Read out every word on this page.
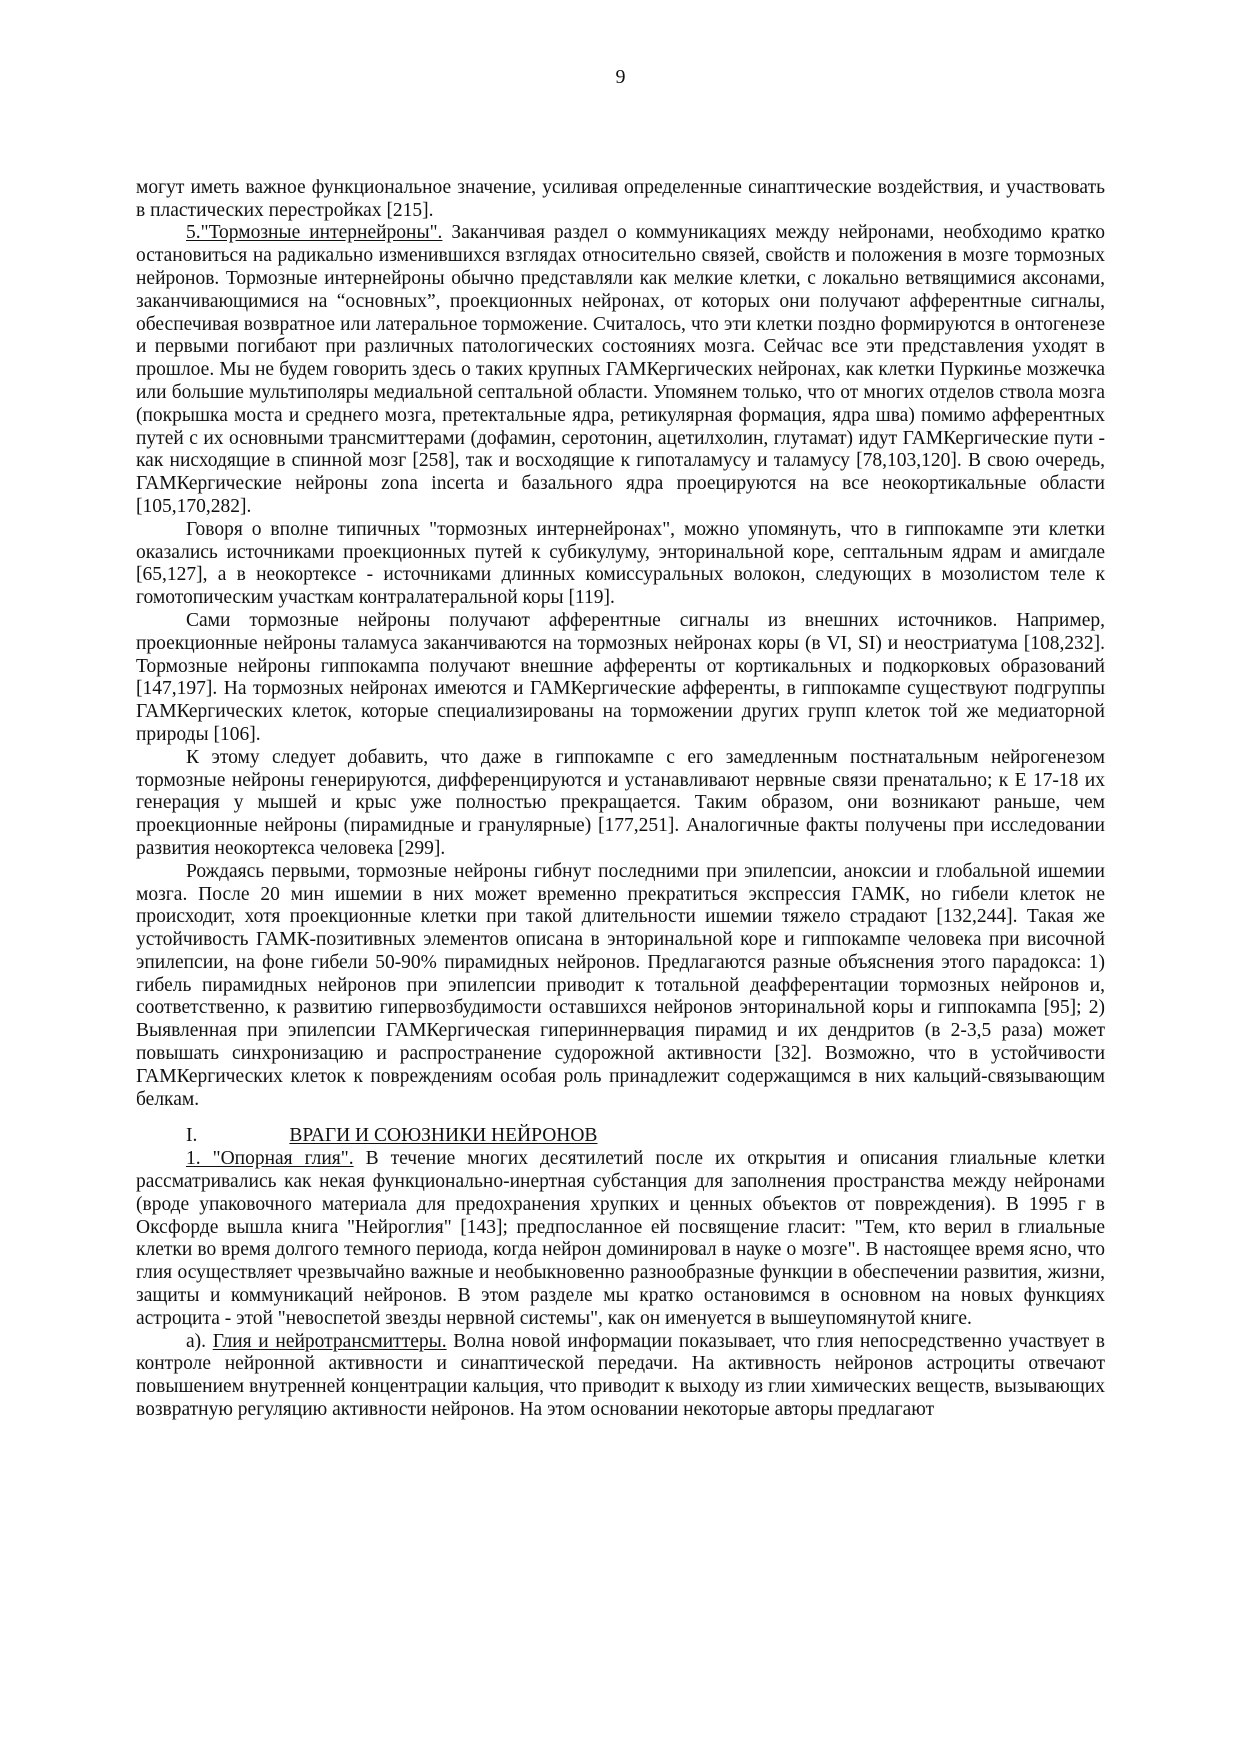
9

могут иметь важное функциональное значение, усиливая определенные синаптические воздействия, и участвовать в пластических перестройках [215].

5."Тормозные интернейроны". Заканчивая раздел о коммуникациях между нейронами, необходимо кратко остановиться на радикально изменившихся взглядах относительно связей, свойств и положения в мозге тормозных нейронов. Тормозные интернейроны обычно представляли как мелкие клетки, с локально ветвящимися аксонами, заканчивающимися на “основных”, проекционных нейронах, от которых они получают афферентные сигналы, обеспечивая возвратное или латеральное торможение. Считалось, что эти клетки поздно формируются в онтогенезе и первыми погибают при различных патологических состояниях мозга. Сейчас все эти представления уходят в прошлое. Мы не будем говорить здесь о таких крупных ГАМКергических нейронах, как клетки Пуркинье мозжечка или большие мультиполяры медиальной септальной области. Упомянем только, что от многих отделов ствола мозга (покрышка моста и среднего мозга, претектальные ядра, ретикулярная формация, ядра шва) помимо афферентных путей с их основными трансмиттерами (дофамин, серотонин, ацетилхолин, глутамат) идут ГАМКергические пути - как нисходящие в спинной мозг [258], так и восходящие к гипоталамусу и таламусу [78,103,120]. В свою очередь, ГАМКергические нейроны zona incerta и базального ядра проецируются на все неокортикальные области [105,170,282].

Говоря о вполне типичных "тормозных интернейронах", можно упомянуть, что в гиппокампе эти клетки оказались источниками проекционных путей к субикулуму, энторинальной коре, септальным ядрам и амигдале [65,127], а в неокортексе - источниками длинных комиссуральных волокон, следующих в мозолистом теле к гомотопическим участкам контралатеральной коры [119].

Сами тормозные нейроны получают афферентные сигналы из внешних источников. Например, проекционные нейроны таламуса заканчиваются на тормозных нейронах коры (в VI, SI) и неостриатума [108,232]. Тормозные нейроны гиппокампа получают внешние афференты от кортикальных и подкорковых образований [147,197]. На тормозных нейронах имеются и ГАМКергические афференты, в гиппокампе существуют подгруппы ГАМКергических клеток, которые специализированы на торможении других групп клеток той же медиаторной природы [106].

К этому следует добавить, что даже в гиппокампе с его замедленным постнатальным нейрогенезом тормозные нейроны генерируются, дифференцируются и устанавливают нервные связи пренатально; к Е 17-18 их генерация у мышей и крыс уже полностью прекращается. Таким образом, они возникают раньше, чем проекционные нейроны (пирамидные и гранулярные) [177,251]. Аналогичные факты получены при исследовании развития неокортекса человека [299].

Рождаясь первыми, тормозные нейроны гибнут последними при эпилепсии, аноксии и глобальной ишемии мозга. После 20 мин ишемии в них может временно прекратиться экспрессия ГАМК, но гибели клеток не происходит, хотя проекционные клетки при такой длительности ишемии тяжело страдают [132,244]. Такая же устойчивость ГАМК-позитивных элементов описана в энторинальной коре и гиппокампе человека при височной эпилепсии, на фоне гибели 50-90% пирамидных нейронов. Предлагаются разные объяснения этого парадокса: 1) гибель пирамидных нейронов при эпилепсии приводит к тотальной деафферентации тормозных нейронов и, соответственно, к развитию гипервозбудимости оставшихся нейронов энторинальной коры и гиппокампа [95]; 2) Выявленная при эпилепсии ГАМКергическая гипериннервация пирамид и их дендритов (в 2-3,5 раза) может повышать синхронизацию и распространение судорожной активности [32]. Возможно, что в устойчивости ГАМКергических клеток к повреждениям особая роль принадлежит содержащимся в них кальций-связывающим белкам.

I.	ВРАГИ И СОЮЗНИКИ НЕЙРОНОВ

1. "Опорная глия". В течение многих десятилетий после их открытия и описания глиальные клетки рассматривались как некая функционально-инертная субстанция для заполнения пространства между нейронами (вроде упаковочного материала для предохранения хрупких и ценных объектов от повреждения). В 1995 г в Оксфорде вышла книга "Нейроглия" [143]; предпосланное ей посвящение гласит: "Тем, кто верил в глиальные клетки во время долгого темного периода, когда нейрон доминировал в науке о мозге". В настоящее время ясно, что глия осуществляет чрезвычайно важные и необыкновенно разнообразные функции в обеспечении развития, жизни, защиты и коммуникаций нейронов. В этом разделе мы кратко остановимся в основном на новых функциях астроцита - этой "невоспетой звезды нервной системы", как он именуется в вышеупомянутой книге.

а). Глия и нейротрансмиттеры. Волна новой информации показывает, что глия непосредственно участвует в контроле нейронной активности и синаптической передачи. На активность нейронов астроциты отвечают повышением внутренней концентрации кальция, что приводит к выходу из глии химических веществ, вызывающих возвратную регуляцию активности нейронов. На этом основании некоторые авторы предлагают
